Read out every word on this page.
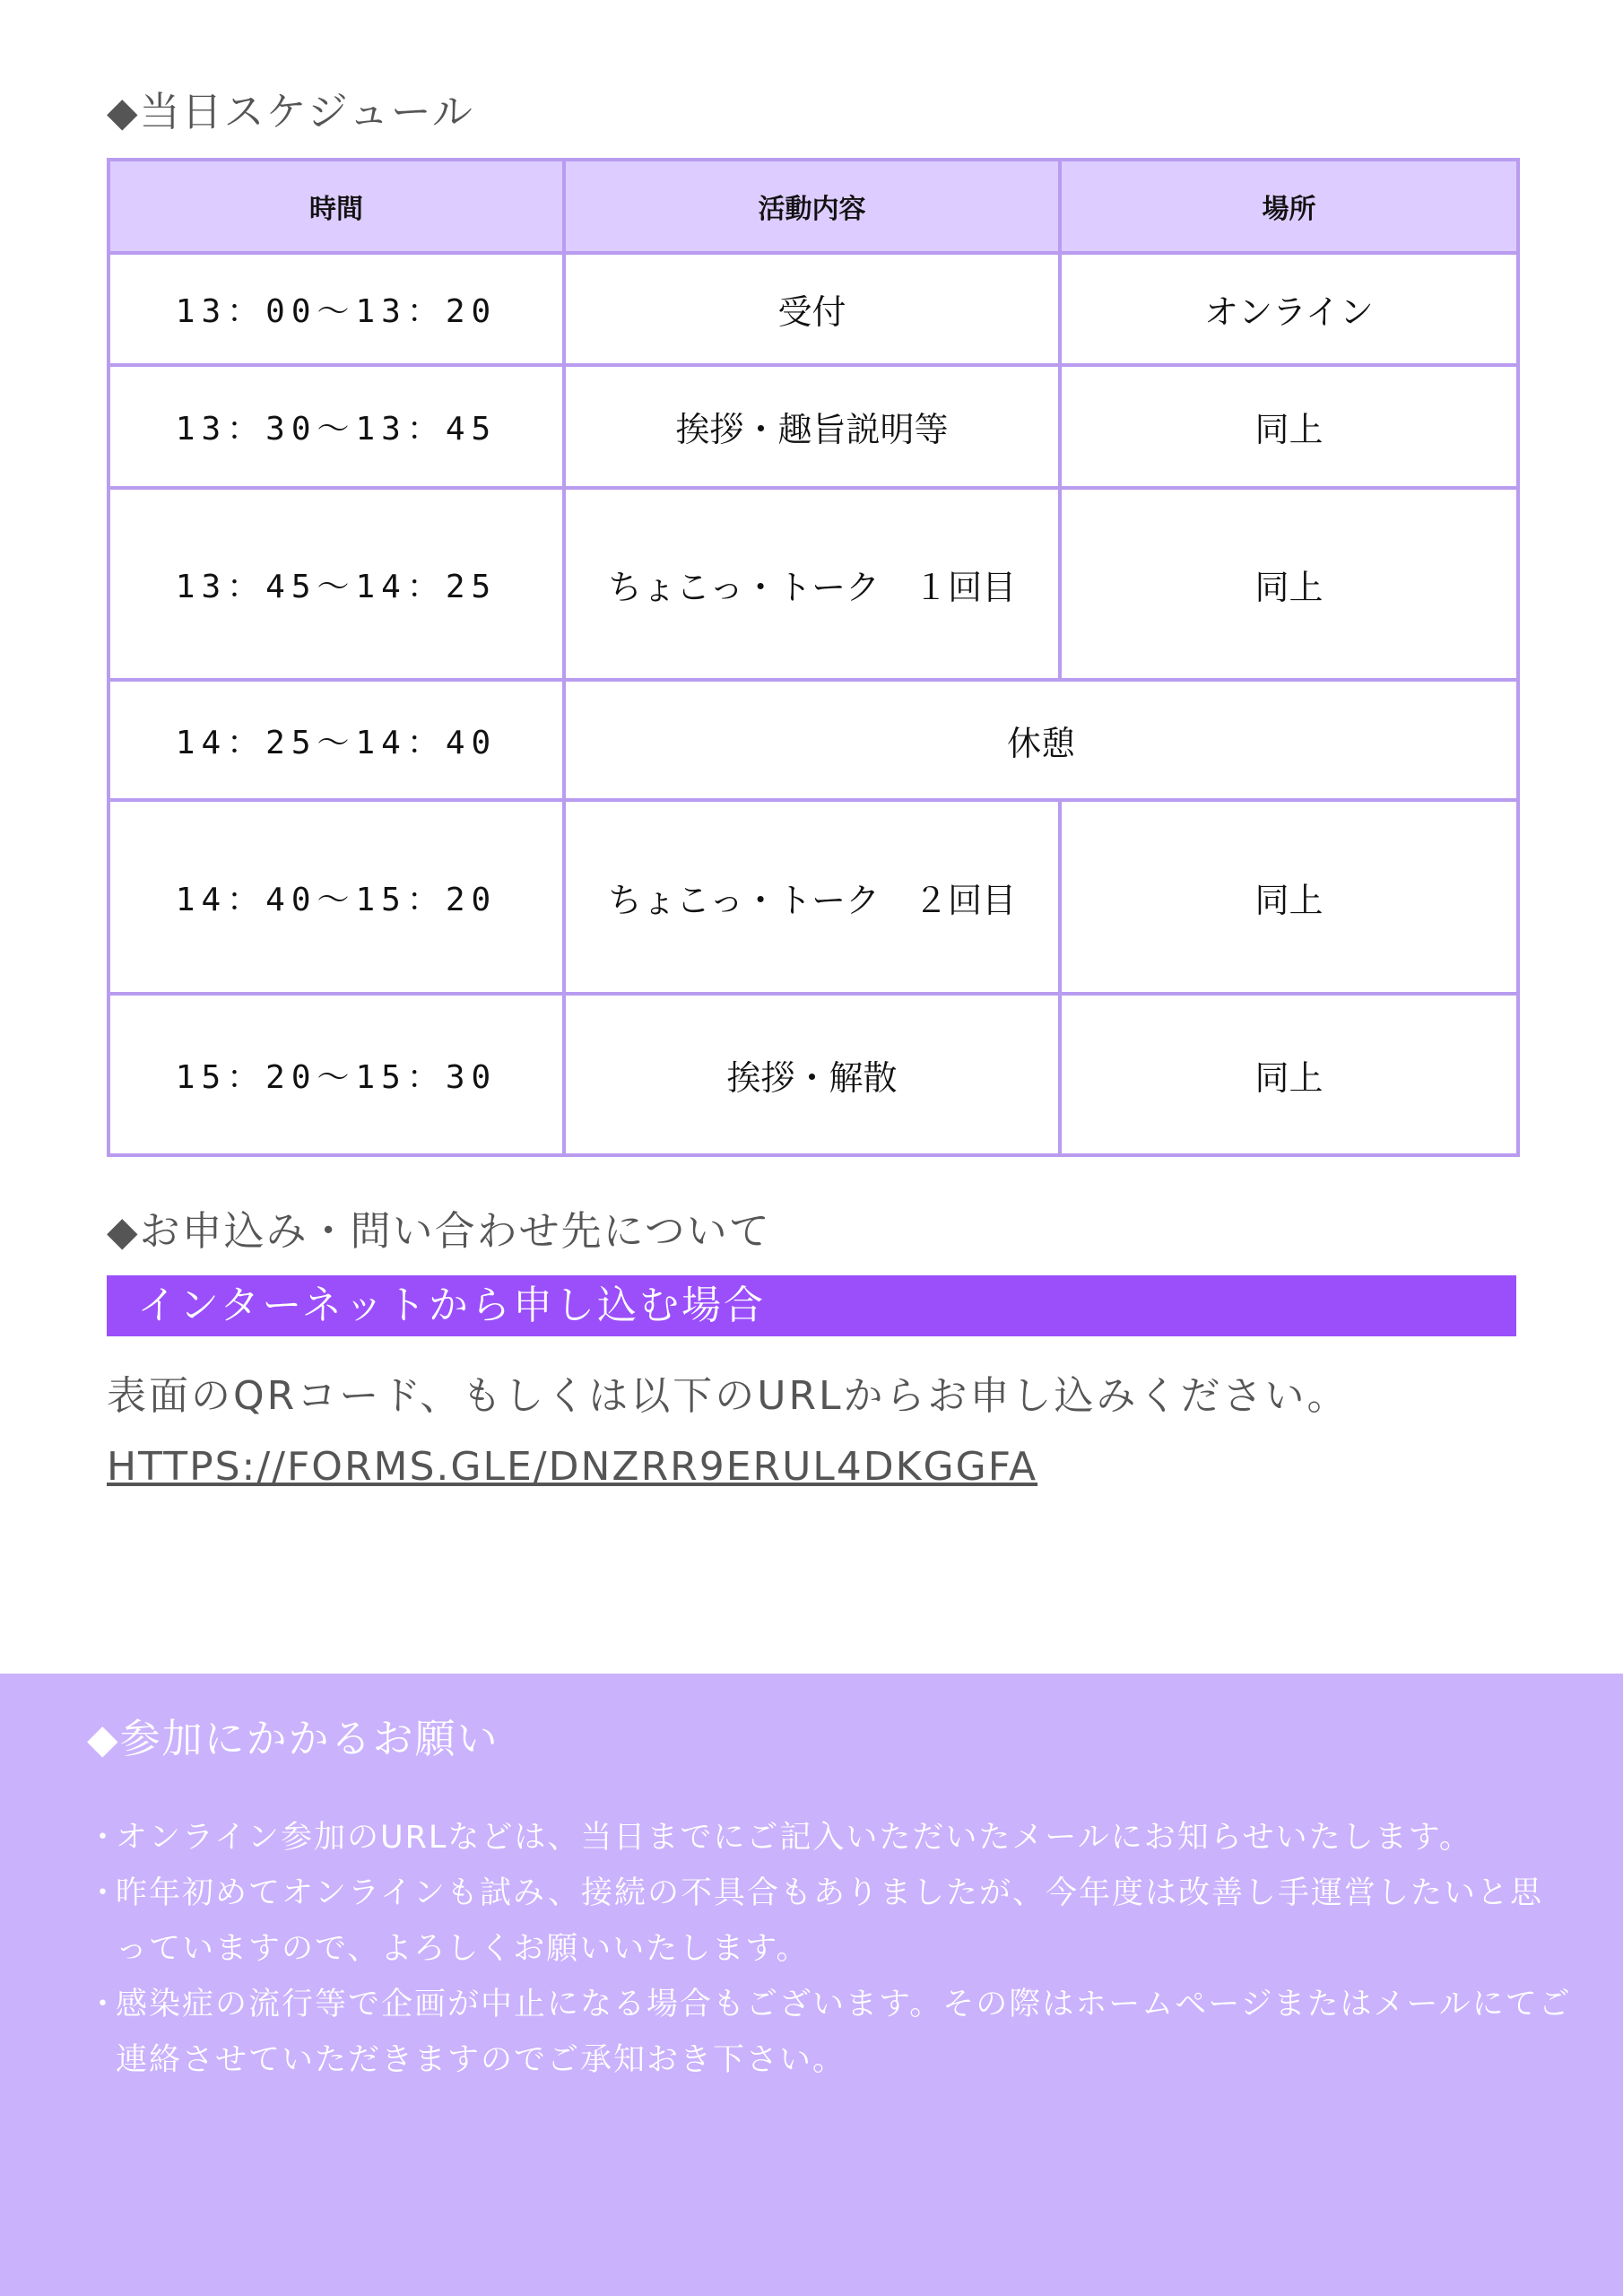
◆当日スケジュール
時間	活動内容	場所
13：00～13：20	受付	オンライン
13：30～13：45	挨拶・趣旨説明等	同上
13：45～14：25	ちょこっ・トーク　１回目	同上
14：25～14：40	休憩	
14：40～15：20	ちょこっ・トーク　２回目	同上
15：20～15：30	挨拶・解散	同上
◆お申込み・問い合わせ先について
インターネットから申し込む場合
表面のQRコード、もしくは以下のURLからお申し込みください。
HTTPS://FORMS.GLE/DNZRR9ERUL4DKGGFA
◆参加にかかるお願い
・
オンライン参加のURLなどは、当日までにご記入いただいたメールにお知らせいたします。
・
昨年初めてオンラインも試み、接続の不具合もありましたが、今年度は改善し手運営したいと思っていますので、よろしくお願いいたします。
・
感染症の流行等で企画が中止になる場合もございます。その際はホームページまたはメールにてご連絡させていただきますのでご承知おき下さい。
